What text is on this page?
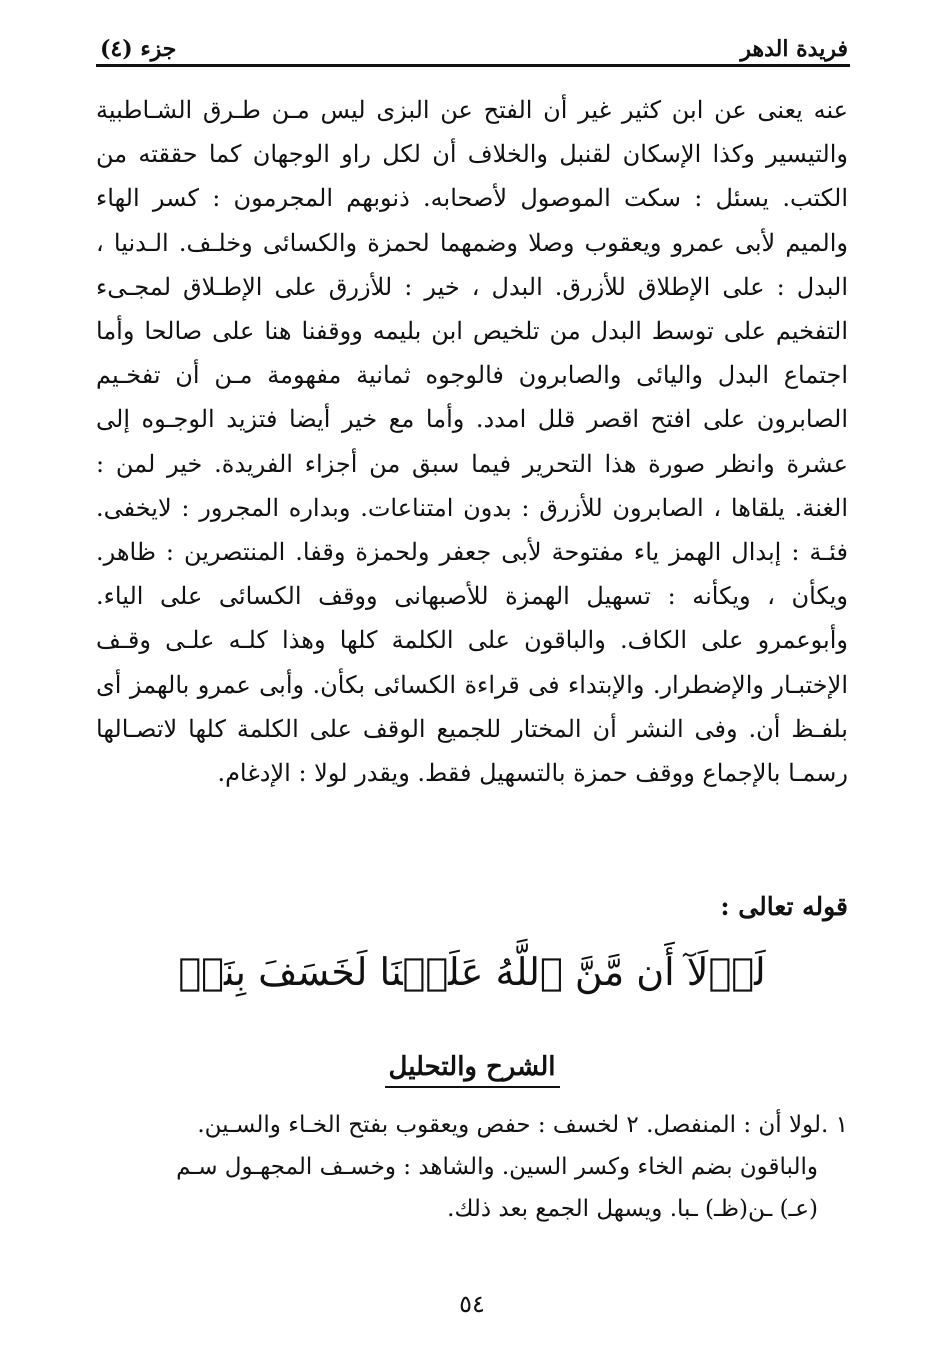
فريدة الدهر
جزء (٤)

عنه يعنى عن ابن كثير غير أن الفتح عن البزى ليس مـن طـرق الشـاطبية والتيسير وكذا الإسكان لقنبل والخلاف أن لكل راو الوجهان كما حققته من الكتب. يسئل : سكت الموصول لأصحابه. ذنوبهم المجرمون : كسر الهاء والميم لأبى عمرو ويعقوب وصلا وضمهما لحمزة والكسائى وخلـف. الـدنيا ، البدل : على الإطلاق للأزرق. البدل ، خير : للأزرق على الإطـلاق لمجـىء التفخيم على توسط البدل من تلخيص ابن بليمه ووقفنا هنا على صالحا وأما اجتماع البدل واليائى والصابرون فالوجوه ثمانية مفهومة مـن أن تفخـيم الصابرون على افتح اقصر قلل امدد. وأما مع خير أيضا فتزيد الوجـوه إلى عشرة وانظر صورة هذا التحرير فيما سبق من أجزاء الفريدة. خير لمن : الغنة. يلقاها ، الصابرون للأزرق : بدون امتناعات. وبداره المجرور : لايخفى. فئـة : إبدال الهمز ياء مفتوحة لأبى جعفر ولحمزة وقفا. المنتصرين : ظاهر. ويكأن ، ويكأنه : تسهيل الهمزة للأصبهانى ووقف الكسائى على الياء. وأبوعمرو على الكاف. والباقون على الكلمة كلها وهذا كلـه علـى وقـف الإختبـار والإضطرار. والإبتداء فى قراءة الكسائى بكأن. وأبى عمرو بالهمز أى بلفـظ أن. وفى النشر أن المختار للجميع الوقف على الكلمة كلها لاتصـالها رسمـا بالإجماع ووقف حمزة بالتسهيل فقط. ويقدر لولا : الإدغام.

قوله تعالى :
لَوۡلَآ أَن مَّنَّ ٱللَّهُ عَلَيۡنَا لَخَسَفَ بِنَاۖ
الشرح والتحليل
١ .لولا أن : المنفصل. ٢ لخسف : حفص ويعقوب بفتح الخـاء والسـين.
والباقون بضم الخاء وكسر السين. والشاهد : وخسـف المجهـول سـم
(عـ) ـن(ظـ) ـبا. ويسهل الجمع بعد ذلك.
٥٤
